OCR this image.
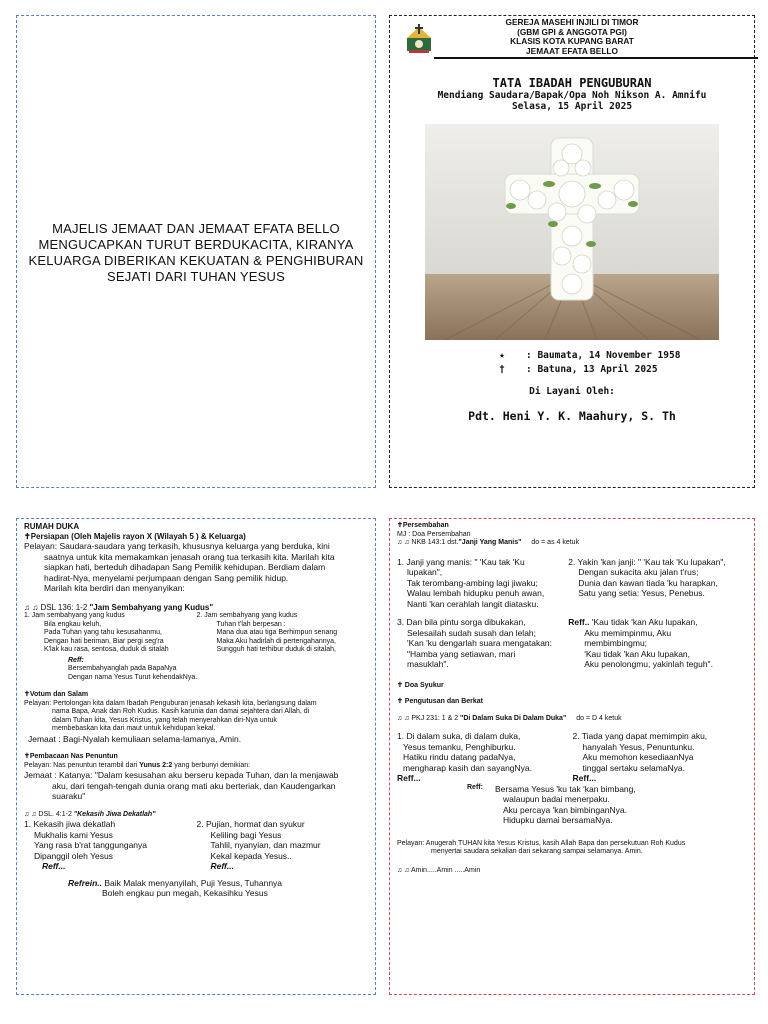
MAJELIS JEMAAT DAN JEMAAT EFATA BELLO
MENGUCAPKAN TURUT BERDUKACITA, KIRANYA
KELUARGA DIBERIKAN KEKUATAN & PENGHIBURAN
SEJATI DARI TUHAN YESUS
GEREJA MASEHI INJILI DI TIMOR
(GBM GPI & ANGGOTA PGI)
KLASIS KOTA KUPANG BARAT
JEMAAT EFATA BELLO
TATA IBADAH PENGUBURAN
Mendiang Saudara/Bapak/Opa Noh Nikson A. Amnifu
Selasa, 15 April 2025
★ : Baumata, 14 November 1958
† : Batuna, 13 April 2025
Di Layani Oleh:
Pdt. Heni Y. K. Maahury, S. Th

RUMAH DUKA

✝Persiapan (Oleh Majelis rayon X (Wilayah 5 ) & Keluarga)

Pelayan: Saudara-saudara yang terkasih, khususnya keluarga yang berduka, kini

saatnya untuk kita memakamkan jenasah orang tua terkasih kita. Marilah kita

siapkan hati, berteduh dihadapan Sang Pemilik kehidupan. Berdiam dalam

hadirat-Nya, menyelami perjumpaan dengan Sang pemilik hidup.

Marilah kita berdiri dan menyanyikan:

♫ ♫ DSL 136: 1-2 "Jam Sembahyang yang Kudus"

1. Jam sembahyang yang kudus

Bila engkau keluh,

Pada Tuhan yang tahu kesusahanmu,

Dengan hati beriman, Biar pergi seg'ra

K'lak kau rasa, sentosa, duduk di sitalah

2. Jam sembahyang yang kudus

Tuhan t'lah berpesan :

Mana dua atau tiga Berhimpun senang

Maka Aku hadirlah di pertengahannya,

Sungguh hati terhibur duduk di sitalah,

Reff:

Bersembahyanglah pada BapaNya

Dengan nama Yesus Turut kehendakNya.

✝Votum dan Salam

Pelayan: Pertolongan kita dalam Ibadah Penguburan jenasah kekasih kita, berlangsung dalam

nama Bapa, Anak dan Roh Kudus. Kasih karunia dan damai sejahtera dari Allah, di

dalam Tuhan kita, Yesus Kristus, yang telah menyerahkan diri-Nya untuk

membebaskan kita dari maut untuk kehidupan kekal.

Jemaat : Bagi-Nyalah kemuliaan selama-lamanya, Amin.

✝Pembacaan Nas Penuntun

Pelayan: Nas penuntun terambil dari Yunus 2:2 yang berbunyi demikian:

Jemaat : Katanya: "Dalam kesusahan aku berseru kepada Tuhan, dan la menjawab

aku, dari tengah-tengah dunia orang mati aku berteriak, dan Kaudengarkan

suaraku"

♫ ♫ DSL. 4:1-2 "Kekasih Jiwa Dekatlah"

1. Kekasih jiwa dekatlah

Mukhalis kami Yesus

Yang rasa b'rat tanggunganya

Dipanggil oleh Yesus

Reff...

2. Pujian, hormat dan syukur

Keliling bagi Yesus

Tahlil, nyanyian, dan mazmur

Kekal kepada Yesus..

Reff...

Refrein.. Baik Malak menyanyilah, Puji Yesus, Tuhannya

Boleh engkau pun megah, Kekasihku Yesus

✝Persembahan

MJ : Doa Persembahan

♫ ♫ NKB 143:1 dst."Janji Yang Manis" do = as 4 ketuk

1. Janji yang manis: " 'Kau tak 'Ku

lupakan",

Tak terombang-ambing lagi jiwaku;

Walau lembah hidupku penuh awan,

Nanti 'kan cerahlah langit diatasku.

2. Yakin 'kan janji: " 'Kau tak 'Ku lupakan",

Dengan sukacita aku jalan t'rus;

Dunia dan kawan tiada 'ku harapkan,

Satu yang setia: Yesus, Penebus.

3. Dan bila pintu sorga dibukakan,

Selesailah sudah susah dan lelah;

'Kan 'ku dengarlah suara mengatakan:

"Hamba yang setiawan, mari

masuklah".

Reff.. 'Kau tidak 'kan Aku lupakan,

Aku memimpinmu, Aku

membimbingmu;

'Kau tidak 'kan Aku lupakan,

Aku penolongmu, yakinlah teguh".

✝ Doa Syukur

✝ Pengutusan dan Berkat

♫ ♫ PKJ 231: 1 & 2 "Di Dalam Suka Di Dalam Duka" do = D 4 ketuk

1. Di dalam suka, di dalam duka,

Yesus temanku, Penghiburku.

Hatiku rindu datang padaNya,

mengharap kasih dan sayangNya.

Reff...

2. Tiada yang dapat memimpin aku,

hanyalah Yesus, Penuntunku.

Aku memohon kesediaanNya

tinggal sertaku selamaNya.

Reff...

Reff:	Bersama Yesus 'ku tak 'kan bimbang,

walaupun badai menerpaku.

Aku percaya 'kan bimbinganNya.

Hidupku damai bersamaNya.

Pelayan: Anugerah TUHAN kita Yesus Kristus, kasih Allah Bapa dan persekutuan Roh Kudus

menyertai saudara sekalian dari sekarang sampai selamanya. Amin.

♫ ♫ Amin.....Amin .....Amin
